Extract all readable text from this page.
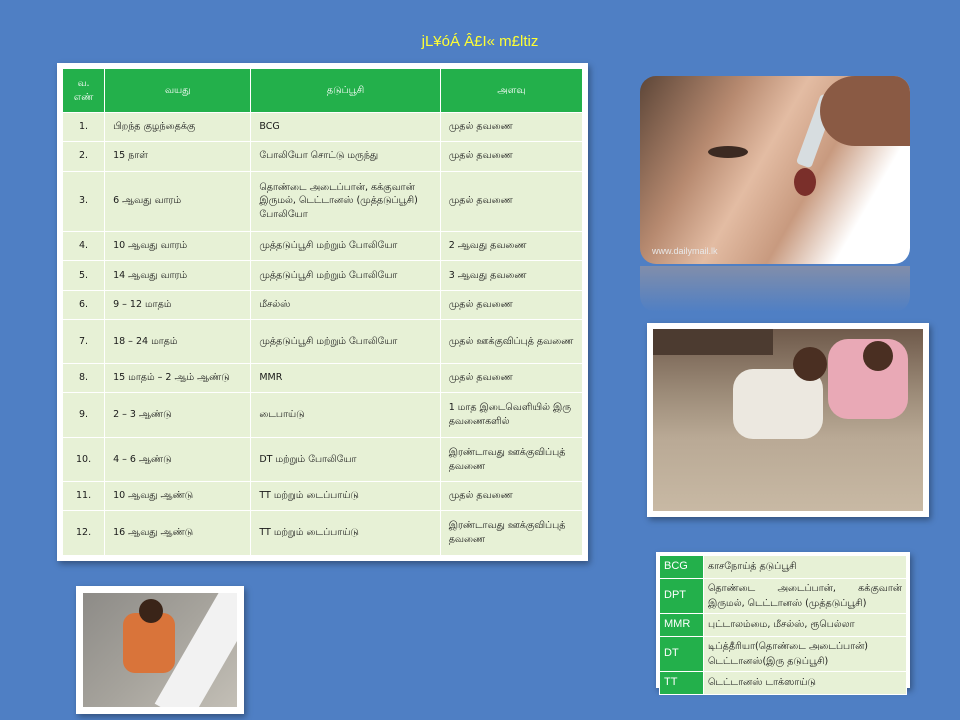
jL¥óÁ Â£I« m£ltiz
வ. எண்	வயது	தடுப்பூசி	அளவு
1.	பிறந்த குழந்தைக்கு	BCG	முதல் தவணை
2.	15 நாள்	போலியோ சொட்டு மருந்து	முதல் தவணை
3.	6 ஆவது வாரம்	தொண்டை அடைப்பான், கக்குவான் இருமல், டெட்டானஸ் (முத்தடுப்பூசி) போலியோ	முதல் தவணை
4.	10 ஆவது வாரம்	முத்தடுப்பூசி மற்றும் போலியோ	2 ஆவது தவணை
5.	14 ஆவது வாரம்	முத்தடுப்பூசி மற்றும் போலியோ	3 ஆவது தவணை
6.	9 – 12 மாதம்	மீசல்ஸ்	முதல் தவணை
7.	18 – 24 மாதம்	முத்தடுப்பூசி மற்றும் போலியோ	முதல் ஊக்குவிப்புத் தவணை
8.	15 மாதம் – 2 ஆம் ஆண்டு	MMR	முதல் தவணை
9.	2 – 3 ஆண்டு	டைபாய்டு	1 மாத இடைவெளியில் இரு தவணைகளில்
10.	4 – 6 ஆண்டு	DT மற்றும் போலியோ	இரண்டாவது ஊக்குவிப்புத் தவணை
11.	10 ஆவது ஆண்டு	TT மற்றும் டைப்பாய்டு	முதல் தவணை
12.	16 ஆவது ஆண்டு	TT மற்றும் டைப்பாய்டு	இரண்டாவது ஊக்குவிப்புத் தவணை
www.dailymail.lk
BCG	காசநோய்த் தடுப்பூசி
DPT	தொண்டை அடைப்பான், கக்குவான் இருமல், டெட்டானஸ் (முத்தடுப்பூசி)
MMR	புட்டாலம்மை, மீசல்ஸ், ரூபெல்லா
DT	டிப்த்தீரியா(தொண்டை அடைப்பான்) டெட்டானஸ்(இரு தடுப்பூசி)
TT	டெட்டானஸ் டாக்ஸாய்டு
